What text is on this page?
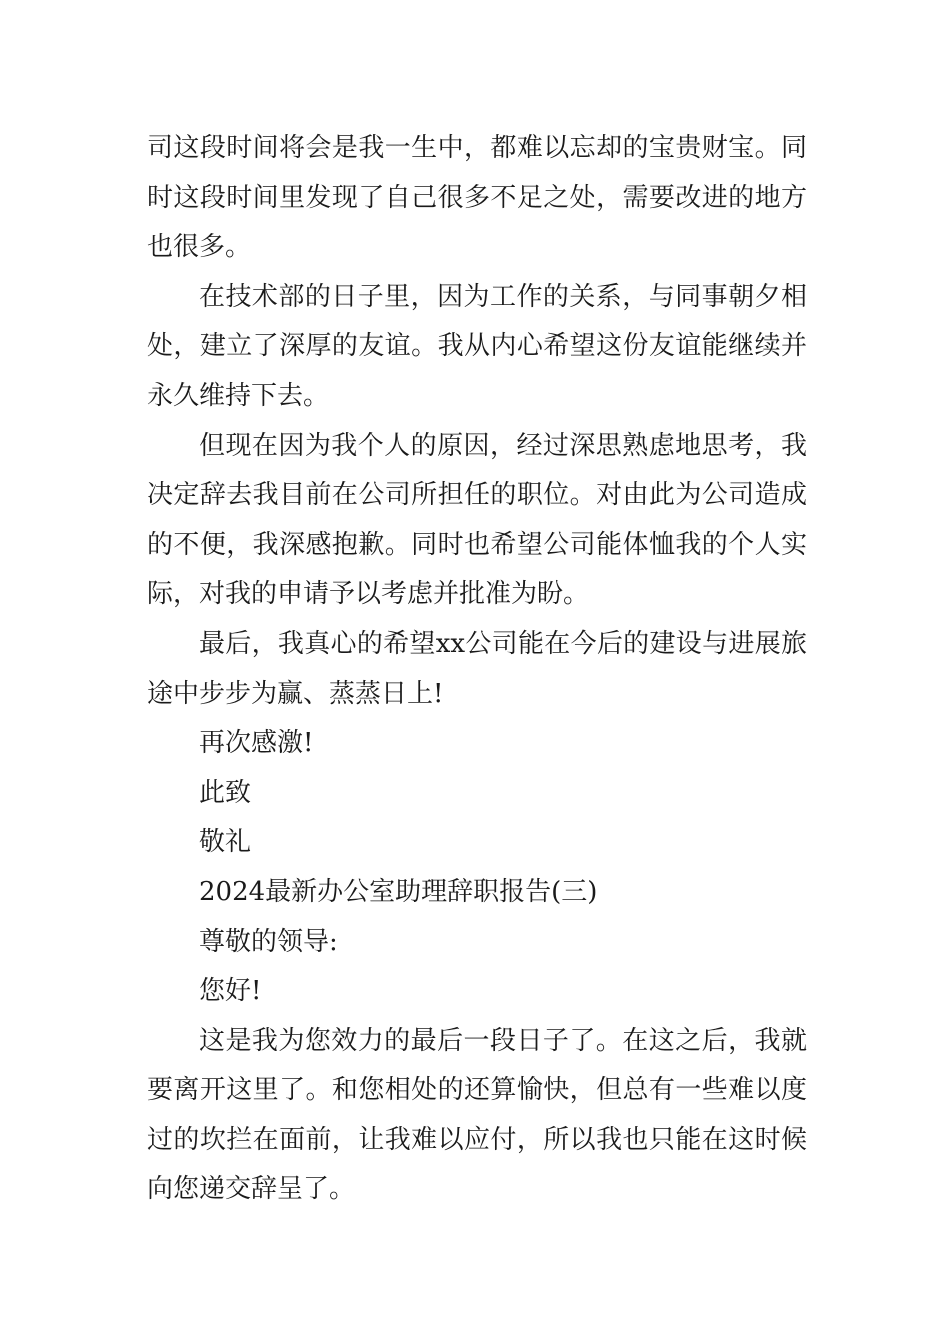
司这段时间将会是我一生中，都难以忘却的宝贵财宝。同时这段时间里发现了自己很多不足之处，需要改进的地方也很多。

在技术部的日子里，因为工作的关系，与同事朝夕相处，建立了深厚的友谊。我从内心希望这份友谊能继续并永久维持下去。

但现在因为我个人的原因，经过深思熟虑地思考，我决定辞去我目前在公司所担任的职位。对由此为公司造成的不便，我深感抱歉。同时也希望公司能体恤我的个人实际，对我的申请予以考虑并批准为盼。

最后，我真心的希望xx公司能在今后的建设与进展旅途中步步为赢、蒸蒸日上!

再次感激!

此致

敬礼

2024最新办公室助理辞职报告(三)

尊敬的领导:

您好!

这是我为您效力的最后一段日子了。在这之后，我就要离开这里了。和您相处的还算愉快，但总有一些难以度过的坎拦在面前，让我难以应付，所以我也只能在这时候向您递交辞呈了。
